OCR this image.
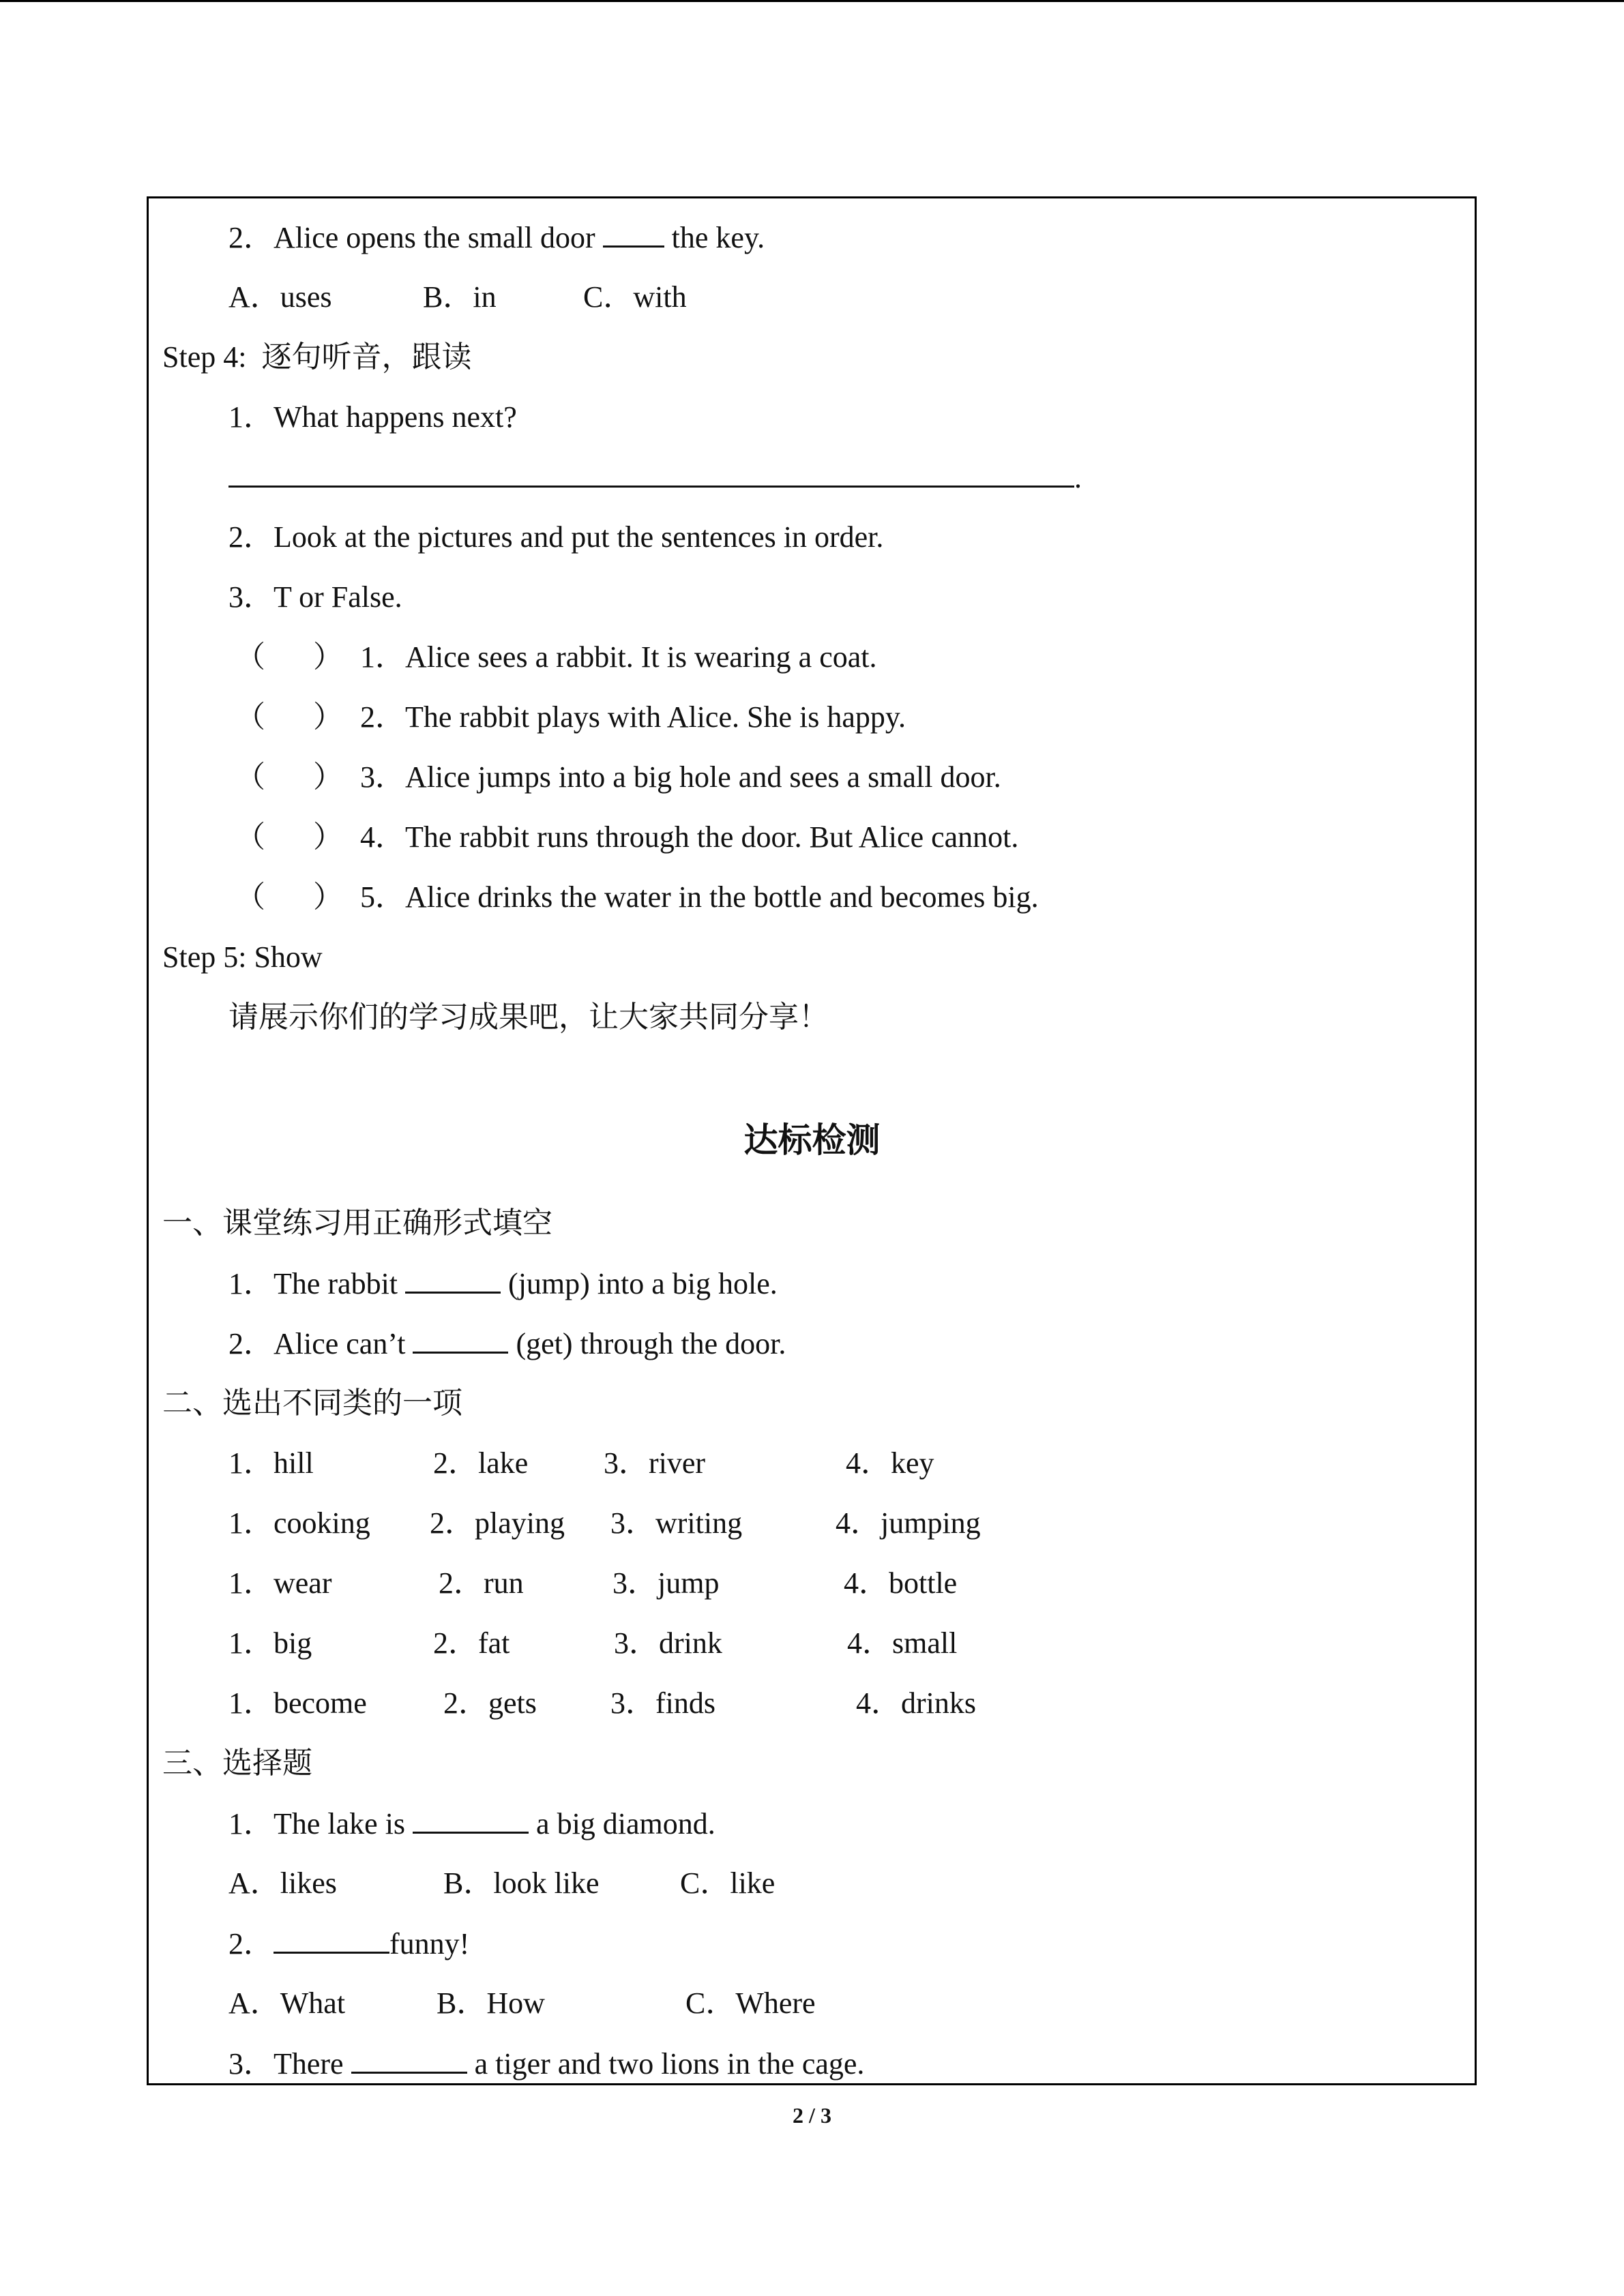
2．Alice opens the small door  the key.
A．uses	B．in	C．with
Step 4:  逐句听音，跟读
1．What happens next?
.
2．Look at the pictures and put the sentences in order.
3．T or False.
（ ） 1．Alice sees a rabbit. It is wearing a coat.
（ ） 2．The rabbit plays with Alice. She is happy.
（ ） 3．Alice jumps into a big hole and sees a small door.
（ ） 4．The rabbit runs through the door. But Alice cannot.
（ ） 5．Alice drinks the water in the bottle and becomes big.
Step 5: Show
请展示你们的学习成果吧，让大家共同分享！
达标检测
一、课堂练习用正确形式填空
1．The rabbit	(jump) into a big hole.
2．Alice can’t	(get) through the door.
二、选出不同类的一项
1．hill	2．lake	3．river	4．key
1．cooking 2．playing 3．writing	4．jumping
1．wear	2．run	3．jump	4．bottle
1．big	2．fat	3．drink	4．small
1．become	2．gets 3．finds	4．drinks
三、选择题
1．The lake is	a big diamond.
A．likes	B．look like	C．like
2．	funny!
A．What	B．How	C．Where
3．There	a tiger and two lions in the cage.
2 / 3
